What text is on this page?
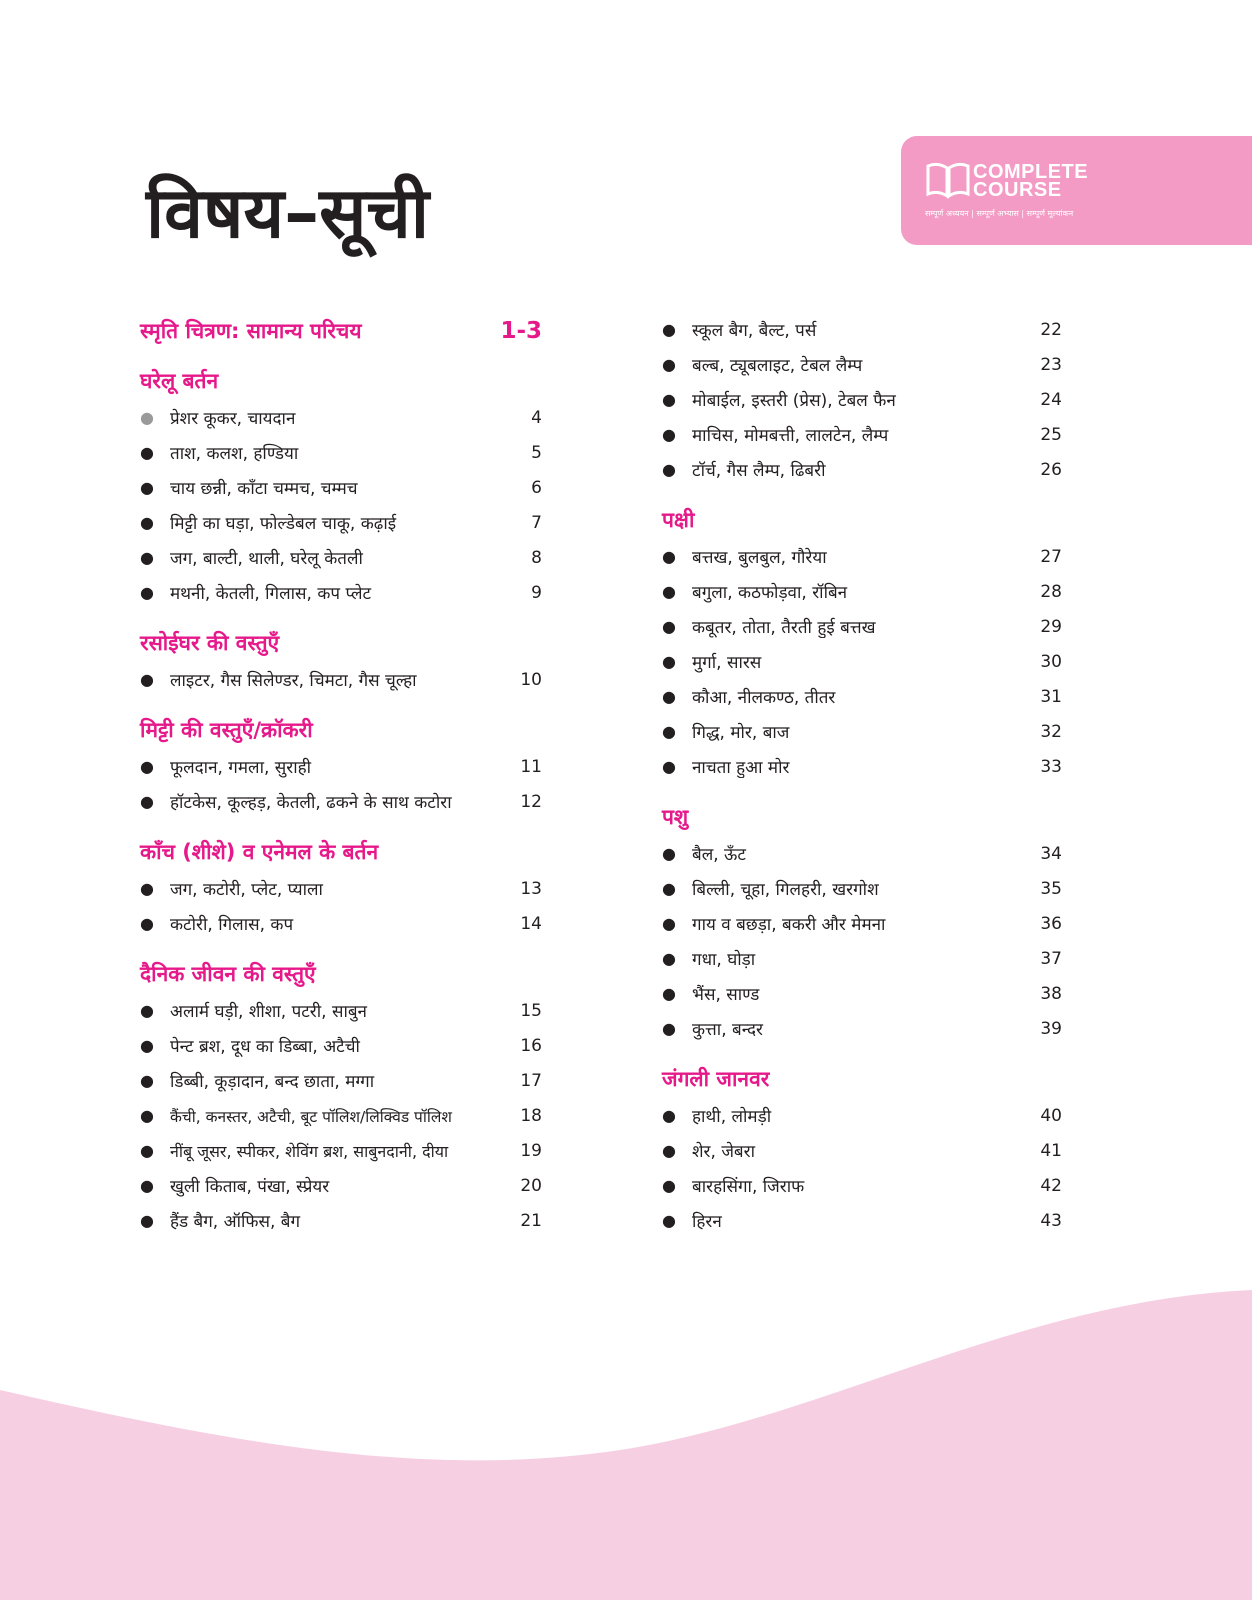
COMPLETE
COURSE
सम्पूर्ण अध्ययन | सम्पूर्ण अभ्यास | सम्पूर्ण मूल्यांकन
विषय–सूची
स्मृति चित्रण: सामान्य परिचय	1-3
घरेलू बर्तन
● प्रेशर कूकर, चायदान	4
● ताश, कलश, हण्डिया	5
● चाय छन्नी, काँटा चम्मच, चम्मच	6
● मिट्टी का घड़ा, फोल्डेबल चाकू, कढ़ाई	7
● जग, बाल्टी, थाली, घरेलू केतली	8
● मथनी, केतली, गिलास, कप प्लेट	9
रसोईघर की वस्तुएँ
● लाइटर, गैस सिलेण्डर, चिमटा, गैस चूल्हा	10
मिट्टी की वस्तुएँ/क्रॉकरी
● फूलदान, गमला, सुराही	11
● हॉटकेस, कूल्हड़, केतली, ढकने के साथ कटोरा	12
काँच (शीशे) व एनेमल के बर्तन
● जग, कटोरी, प्लेट, प्याला	13
● कटोरी, गिलास, कप	14
दैनिक जीवन की वस्तुएँ
● अलार्म घड़ी, शीशा, पटरी, साबुन	15
● पेन्ट ब्रश, दूध का डिब्बा, अटैची	16
● डिब्बी, कूड़ादान, बन्द छाता, मग्गा	17
●	कैंची, कनस्तर, अटैची, बूट पॉलिश/लिक्विड पॉलिश	18
●	नींबू जूसर, स्पीकर, शेविंग ब्रश, साबुनदानी, दीया	19
● खुली किताब, पंखा, स्प्रेयर	20
● हैंड बैग, ऑफिस, बैग	21
● स्कूल बैग, बैल्ट, पर्स	22
● बल्ब, ट्यूबलाइट, टेबल लैम्प	23
● मोबाईल, इस्तरी (प्रेस), टेबल फैन	24
● माचिस, मोमबत्ती, लालटेन, लैम्प	25
● टॉर्च, गैस लैम्प, ढिबरी	26
पक्षी
● बत्तख, बुलबुल, गौरेया	27
● बगुला, कठफोड़वा, रॉबिन	28
● कबूतर, तोता, तैरती हुई बत्तख	29
● मुर्गा, सारस	30
● कौआ, नीलकण्ठ, तीतर	31
● गिद्ध, मोर, बाज	32
● नाचता हुआ मोर	33
पशु
● बैल, ऊँट	34
● बिल्ली, चूहा, गिलहरी, खरगोश	35
● गाय व बछड़ा, बकरी और मेमना	36
● गधा, घोड़ा	37
● भैंस, साण्ड	38
● कुत्ता, बन्दर	39
जंगली जानवर
● हाथी, लोमड़ी	40
● शेर, जेबरा	41
● बारहसिंगा, जिराफ	42
● हिरन	43
